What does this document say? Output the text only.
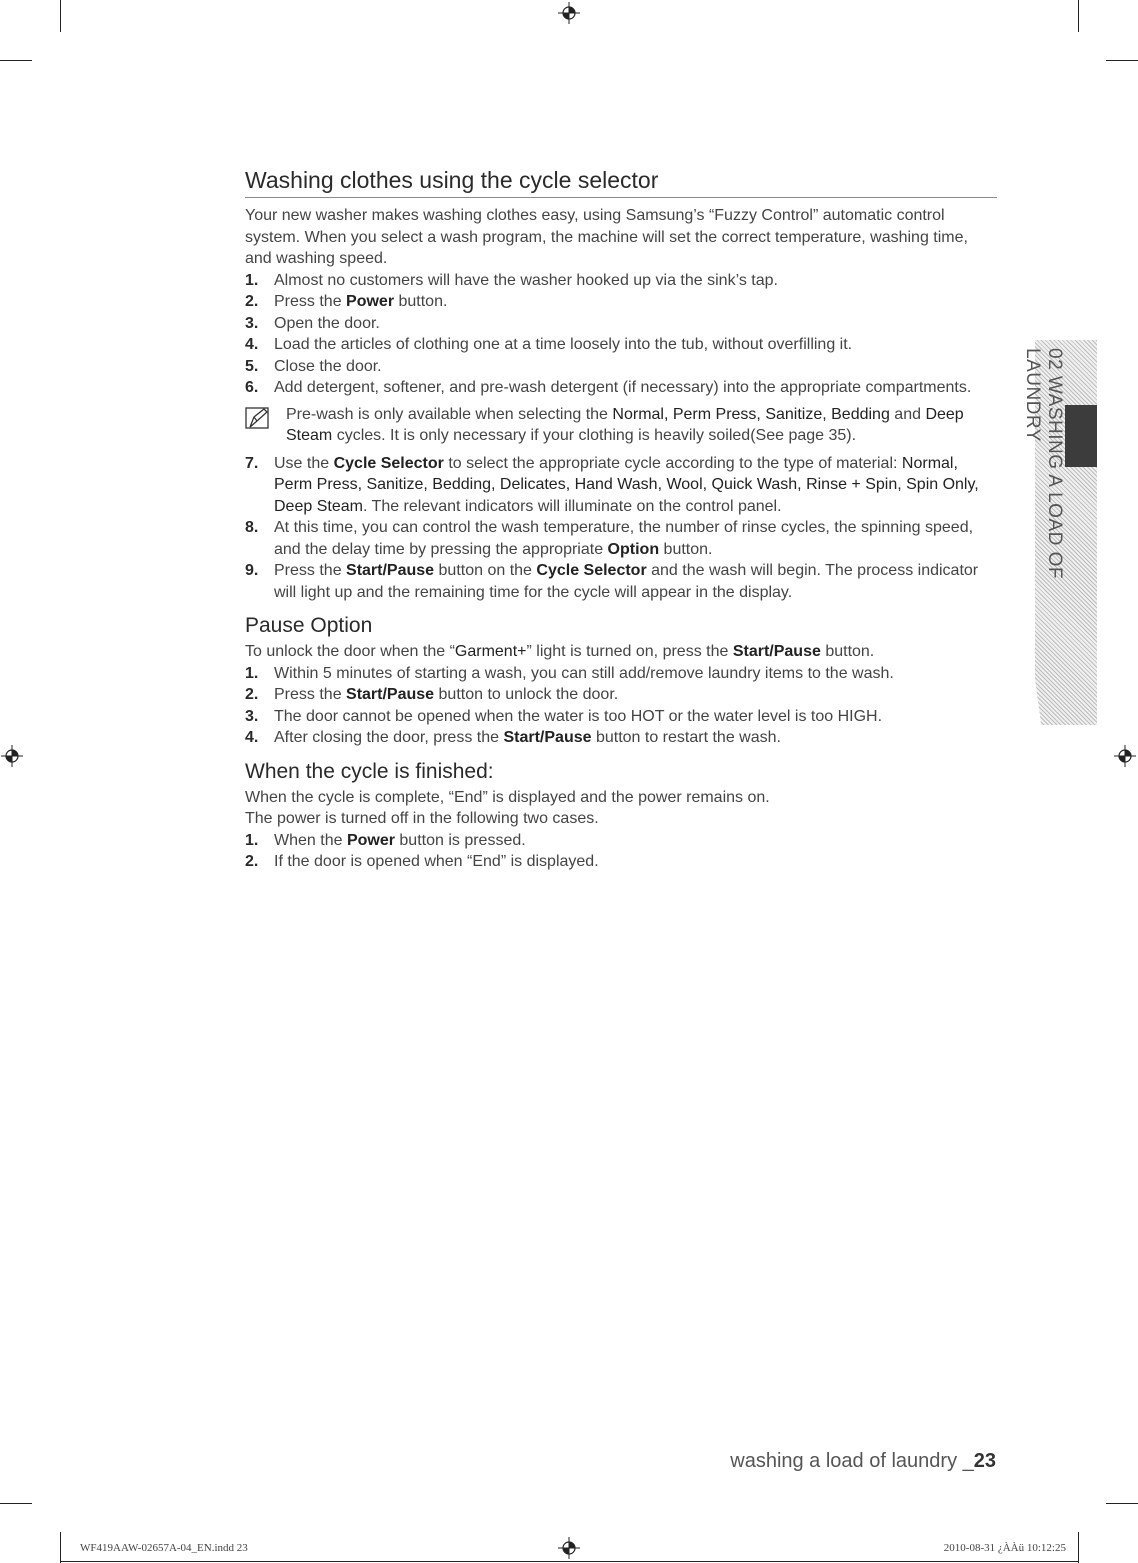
Washing clothes using the cycle selector

Your new washer makes washing clothes easy, using Samsung’s “Fuzzy Control” automatic control system. When you select a wash program, the machine will set the correct temperature, washing time, and washing speed.

1. Almost no customers will have the washer hooked up via the sink’s tap.
2. Press the Power button.
3. Open the door.
4. Load the articles of clothing one at a time loosely into the tub, without overfilling it.
5. Close the door.
6. Add detergent, softener, and pre-wash detergent (if necessary) into the appropriate compartments.
Pre-wash is only available when selecting the Normal, Perm Press, Sanitize, Bedding and Deep Steam cycles. It is only necessary if your clothing is heavily soiled(See page 35).
7. Use the Cycle Selector to select the appropriate cycle according to the type of material: Normal, Perm Press, Sanitize, Bedding, Delicates, Hand Wash, Wool, Quick Wash, Rinse + Spin, Spin Only, Deep Steam. The relevant indicators will illuminate on the control panel.
8. At this time, you can control the wash temperature, the number of rinse cycles, the spinning speed, and the delay time by pressing the appropriate Option button.
9. Press the Start/Pause button on the Cycle Selector and the wash will begin. The process indicator will light up and the remaining time for the cycle will appear in the display.
Pause Option

To unlock the door when the “Garment+” light is turned on, press the Start/Pause button.

1. Within 5 minutes of starting a wash, you can still add/remove laundry items to the wash.
2. Press the Start/Pause button to unlock the door.
3. The door cannot be opened when the water is too HOT or the water level is too HIGH.
4. After closing the door, press the Start/Pause button to restart the wash.
When the cycle is finished:

When the cycle is complete, “End” is displayed and the power remains on.

The power is turned off in the following two cases.

1. When the Power button is pressed.
2. If the door is opened when “End” is displayed.
02 WASHING A LOAD OF LAUNDRY
washing a load of laundry _23
WF419AAW-02657A-04_EN.indd 23	2010-08-31 ¿ÀÀü 10:12:25
